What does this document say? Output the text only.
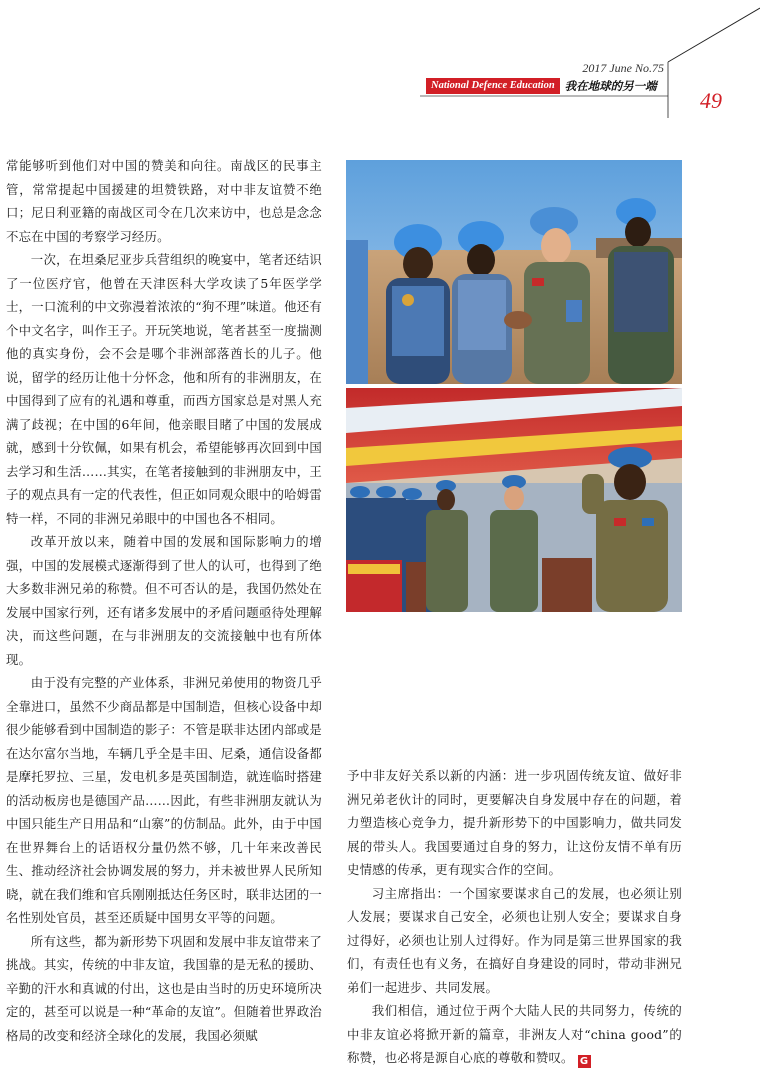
2017 June No.75
National Defence Education 我在地球的另一端
49

常能够听到他们对中国的赞美和向往。南战区的民事主管，常常提起中国援建的坦赞铁路，对中非友谊赞不绝口；尼日利亚籍的南战区司令在几次来访中，也总是念念不忘在中国的考察学习经历。

一次，在坦桑尼亚步兵营组织的晚宴中，笔者还结识了一位医疗官，他曾在天津医科大学攻读了5年医学学士，一口流利的中文弥漫着浓浓的“狗不理”味道。他还有个中文名字，叫作王子。开玩笑地说，笔者甚至一度揣测他的真实身份，会不会是哪个非洲部落酋长的儿子。他说，留学的经历让他十分怀念，他和所有的非洲朋友，在中国得到了应有的礼遇和尊重，而西方国家总是对黑人充满了歧视；在中国的6年间，他亲眼目睹了中国的发展成就，感到十分钦佩，如果有机会，希望能够再次回到中国去学习和生活……其实，在笔者接触到的非洲朋友中，王子的观点具有一定的代表性，但正如同观众眼中的哈姆雷特一样，不同的非洲兄弟眼中的中国也各不相同。

改革开放以来，随着中国的发展和国际影响力的增强，中国的发展模式逐渐得到了世人的认可，也得到了绝大多数非洲兄弟的称赞。但不可否认的是，我国仍然处在发展中国家行列，还有诸多发展中的矛盾问题亟待处理解决，而这些问题，在与非洲朋友的交流接触中也有所体现。

由于没有完整的产业体系，非洲兄弟使用的物资几乎全靠进口，虽然不少商品都是中国制造，但核心设备中却很少能够看到中国制造的影子：不管是联非达团内部或是在达尔富尔当地，车辆几乎全是丰田、尼桑，通信设备都是摩托罗拉、三星，发电机多是英国制造，就连临时搭建的活动板房也是德国产品……因此，有些非洲朋友就认为中国只能生产日用品和“山寨”的仿制品。此外，由于中国在世界舞台上的话语权分量仍然不够，几十年来改善民生、推动经济社会协调发展的努力，并未被世界人民所知晓，就在我们维和官兵刚刚抵达任务区时，联非达团的一名性别处官员，甚至还质疑中国男女平等的问题。

所有这些，都为新形势下巩固和发展中非友谊带来了挑战。其实，传统的中非友谊，我国靠的是无私的援助、辛勤的汗水和真诚的付出，这也是由当时的历史环境所决定的，甚至可以说是一种“革命的友谊”。但随着世界政治格局的改变和经济全球化的发展，我国必须赋

予中非友好关系以新的内涵：进一步巩固传统友谊、做好非洲兄弟老伙计的同时，更要解决自身发展中存在的问题，着力塑造核心竞争力，提升新形势下的中国影响力，做共同发展的带头人。我国要通过自身的努力，让这份友情不单有历史情感的传承，更有现实合作的空间。

习主席指出：一个国家要谋求自己的发展，也必须让别人发展；要谋求自己安全，必须也让别人安全；要谋求自身过得好，必须也让别人过得好。作为同是第三世界国家的我们，有责任也有义务，在搞好自身建设的同时，带动非洲兄弟们一起进步、共同发展。

我们相信，通过位于两个大陆人民的共同努力，传统的中非友谊必将掀开新的篇章，非洲友人对“china good”的称赞，也必将是源自心底的尊敬和赞叹。 G
